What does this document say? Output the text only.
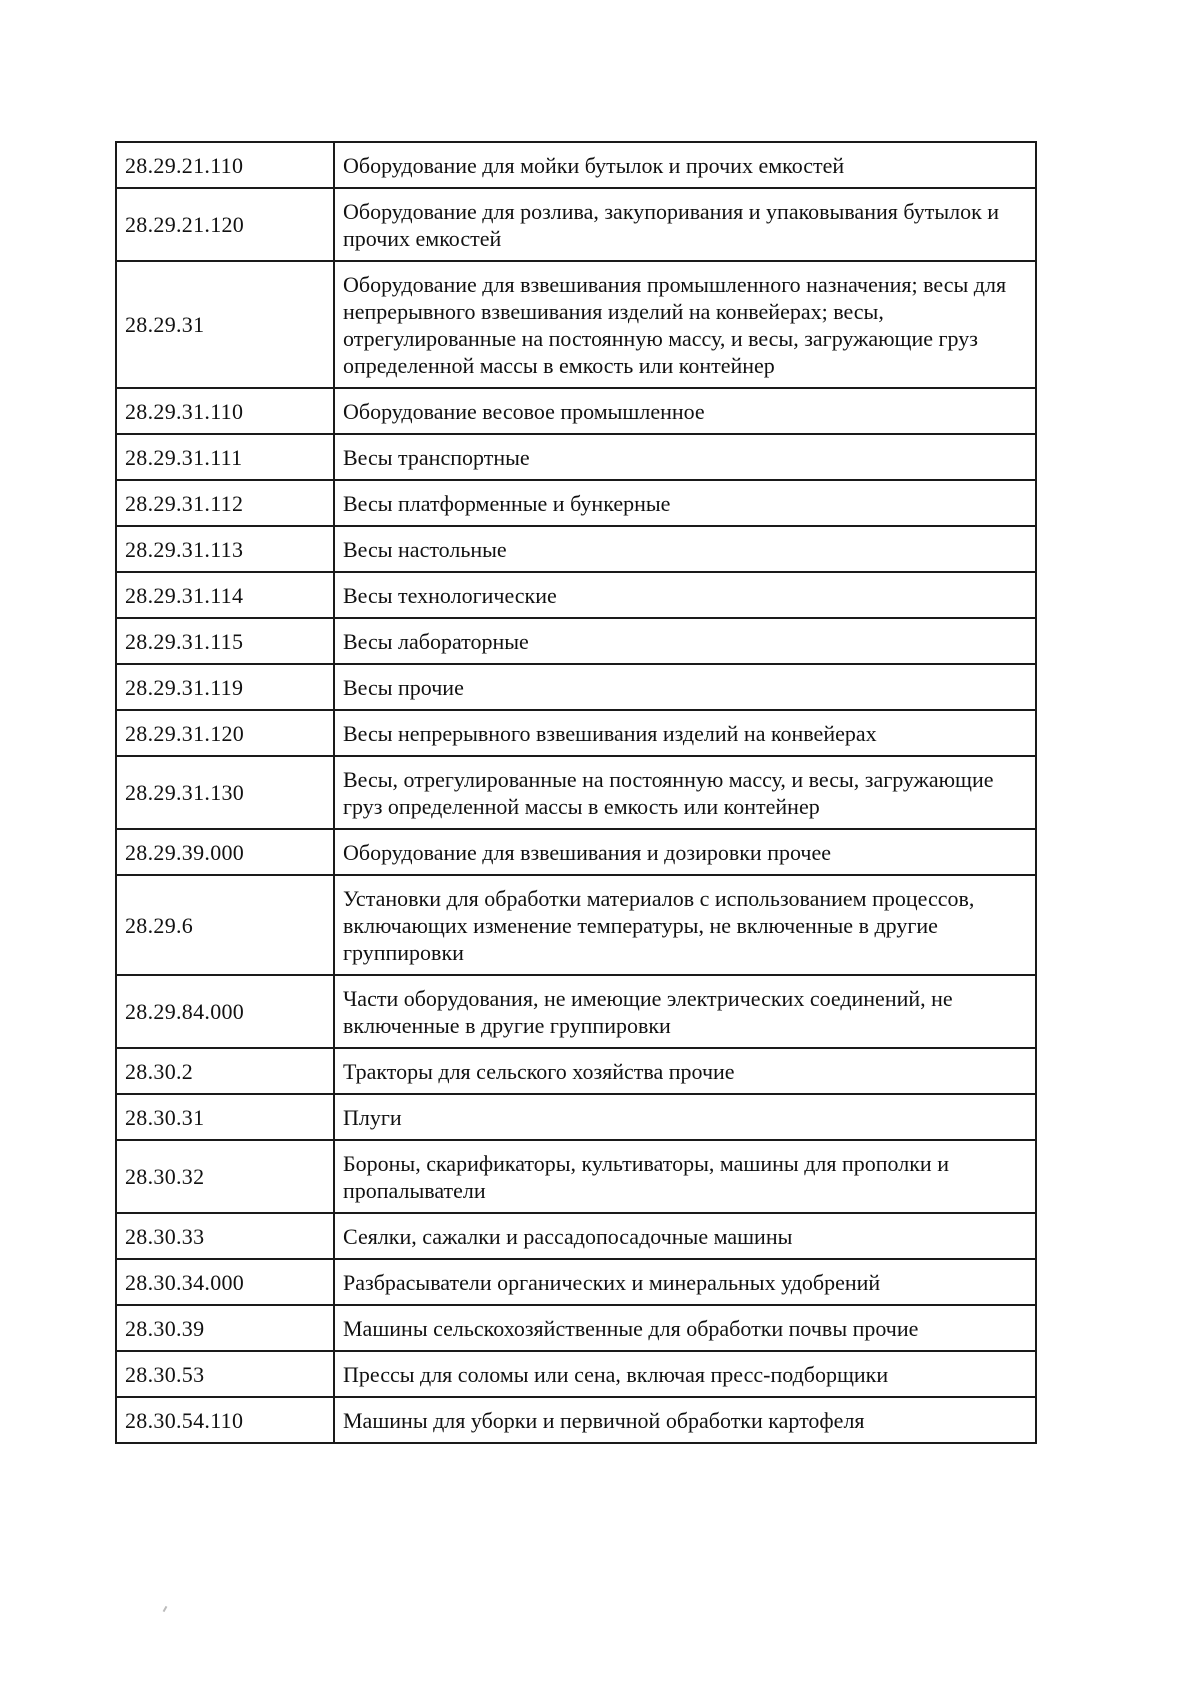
28.29.21.110	Оборудование для мойки бутылок и прочих емкостей
28.29.21.120	Оборудование для розлива, закупоривания и упаковывания бутылок и прочих емкостей
28.29.31	Оборудование для взвешивания промышленного назначения; весы для непрерывного взвешивания изделий на конвейерах; весы, отрегулированные на постоянную массу, и весы, загружающие груз определенной массы в емкость или контейнер
28.29.31.110	Оборудование весовое промышленное
28.29.31.111	Весы транспортные
28.29.31.112	Весы платформенные и бункерные
28.29.31.113	Весы настольные
28.29.31.114	Весы технологические
28.29.31.115	Весы лабораторные
28.29.31.119	Весы прочие
28.29.31.120	Весы непрерывного взвешивания изделий на конвейерах
28.29.31.130	Весы, отрегулированные на постоянную массу, и весы, загружающие груз определенной массы в емкость или контейнер
28.29.39.000	Оборудование для взвешивания и дозировки прочее
28.29.6	Установки для обработки материалов с использованием процессов, включающих изменение температуры, не включенные в другие группировки
28.29.84.000	Части оборудования, не имеющие электрических соединений, не включенные в другие группировки
28.30.2	Тракторы для сельского хозяйства прочие
28.30.31	Плуги
28.30.32	Бороны, скарификаторы, культиваторы, машины для прополки и пропалыватели
28.30.33	Сеялки, сажалки и рассадопосадочные машины
28.30.34.000	Разбрасыватели органических и минеральных удобрений
28.30.39	Машины сельскохозяйственные для обработки почвы прочие
28.30.53	Прессы для соломы или сена, включая пресс-подборщики
28.30.54.110	Машины для уборки и первичной обработки картофеля
